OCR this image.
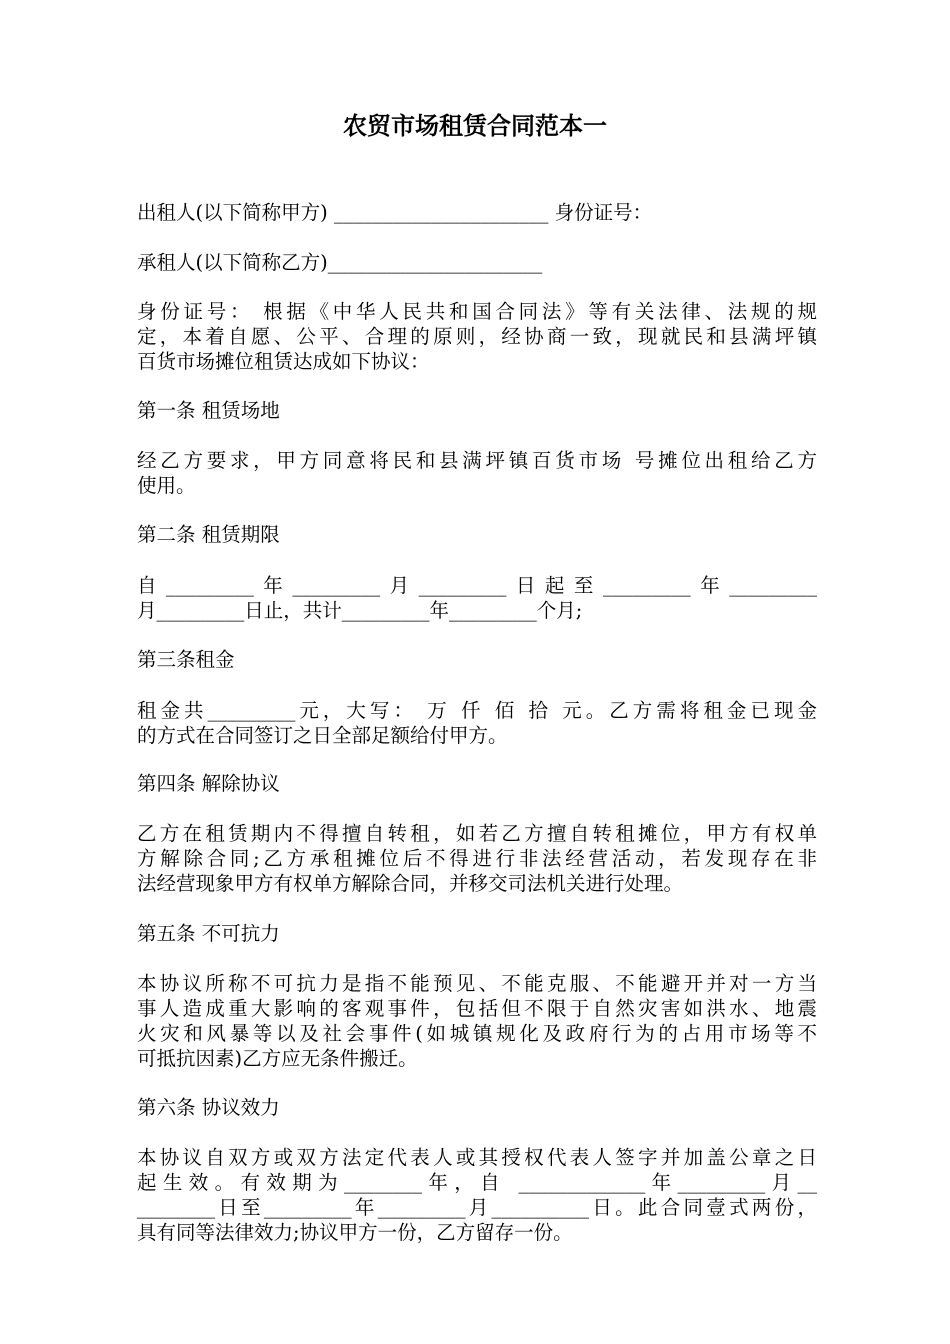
农贸市场租赁合同范本一

出租人(以下简称甲方) ______________________ 身份证号：

承租人(以下简称乙方)______________________

身份证号： 根据《中华人民共和国合同法》等有关法律、法规的规
定，本着自愿、公平、合理的原则，经协商一致，现就民和县满坪镇
百货市场摊位租赁达成如下协议：

第一条 租赁场地

经乙方要求，甲方同意将民和县满坪镇百货市场 号摊位出租给乙方
使用。

第二条 租赁期限

自_________年_________月_________日起至_________年_________
月_________日止，共计_________年_________个月;

第三条租金

租金共_________元，大写： 万 仟 佰 拾 元。乙方需将租金已现金
的方式在合同签订之日全部足额给付甲方。

第四条 解除协议

乙方在租赁期内不得擅自转租，如若乙方擅自转租摊位，甲方有权单
方解除合同;乙方承租摊位后不得进行非法经营活动，若发现存在非
法经营现象甲方有权单方解除合同，并移交司法机关进行处理。

第五条 不可抗力

本协议所称不可抗力是指不能预见、不能克服、不能避开并对一方当
事人造成重大影响的客观事件，包括但不限于自然灾害如洪水、地震
火灾和风暴等以及社会事件(如城镇规化及政府行为的占用市场等不
可抵抗因素)乙方应无条件搬迁。

第六条 协议效力

本协议自双方或双方法定代表人或其授权代表人签字并加盖公章之日
起生效。有效期为________年，自 _____________年_________月__
________日至_________年_________月__________日。此合同壹式两份，
具有同等法律效力;协议甲方一份，乙方留存一份。
